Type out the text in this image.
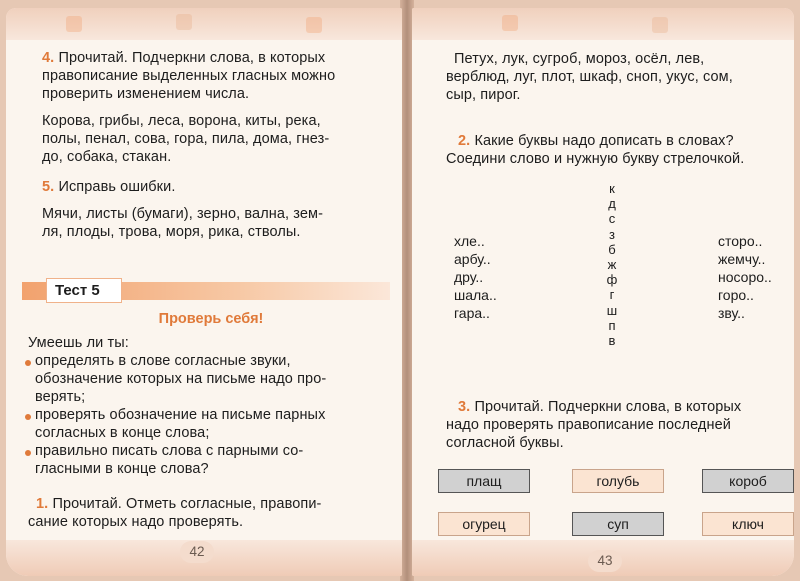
4. Прочитай. Подчеркни слова, в которых
правописание выделенных гласных можно
проверить изменением числа.
Корова, грибы, леса, ворона, киты, река,
полы, пенал, сова, гора, пила, дома, гнез-
до, собака, стакан.
5. Исправь ошибки.
Мячи, листы (бумаги), зерно, вална, зем-
ля, плоды, трова, моря, рика, стволы.
Тест 5
Проверь себя!
Умеешь ли ты:
определять в слове согласные звуки,
обозначение которых на письме надо про-
верять;
проверять обозначение на письме парных
согласных в конце слова;
правильно писать слова с парными со-
гласными в конце слова?
1. Прочитай. Отметь согласные, правопи-
сание которых надо проверять.
42
Петух, лук, сугроб, мороз, осёл, лев,
верблюд, луг, плот, шкаф, сноп, укус, сом,
сыр, пирог.
2. Какие буквы надо дописать в словах?
Соедини слово и нужную букву стрелочкой.
хле..
арбу..
дру..
шала..
гара..
к
д
с
з
б
ж
ф
г
ш
п
в
сторо..
жемчу..
носоро..
горо..
зву..
3. Прочитай. Подчеркни слова, в которых
надо проверять правописание последней
согласной буквы.
плащ	голубь	короб
огурец	суп	ключ
43
